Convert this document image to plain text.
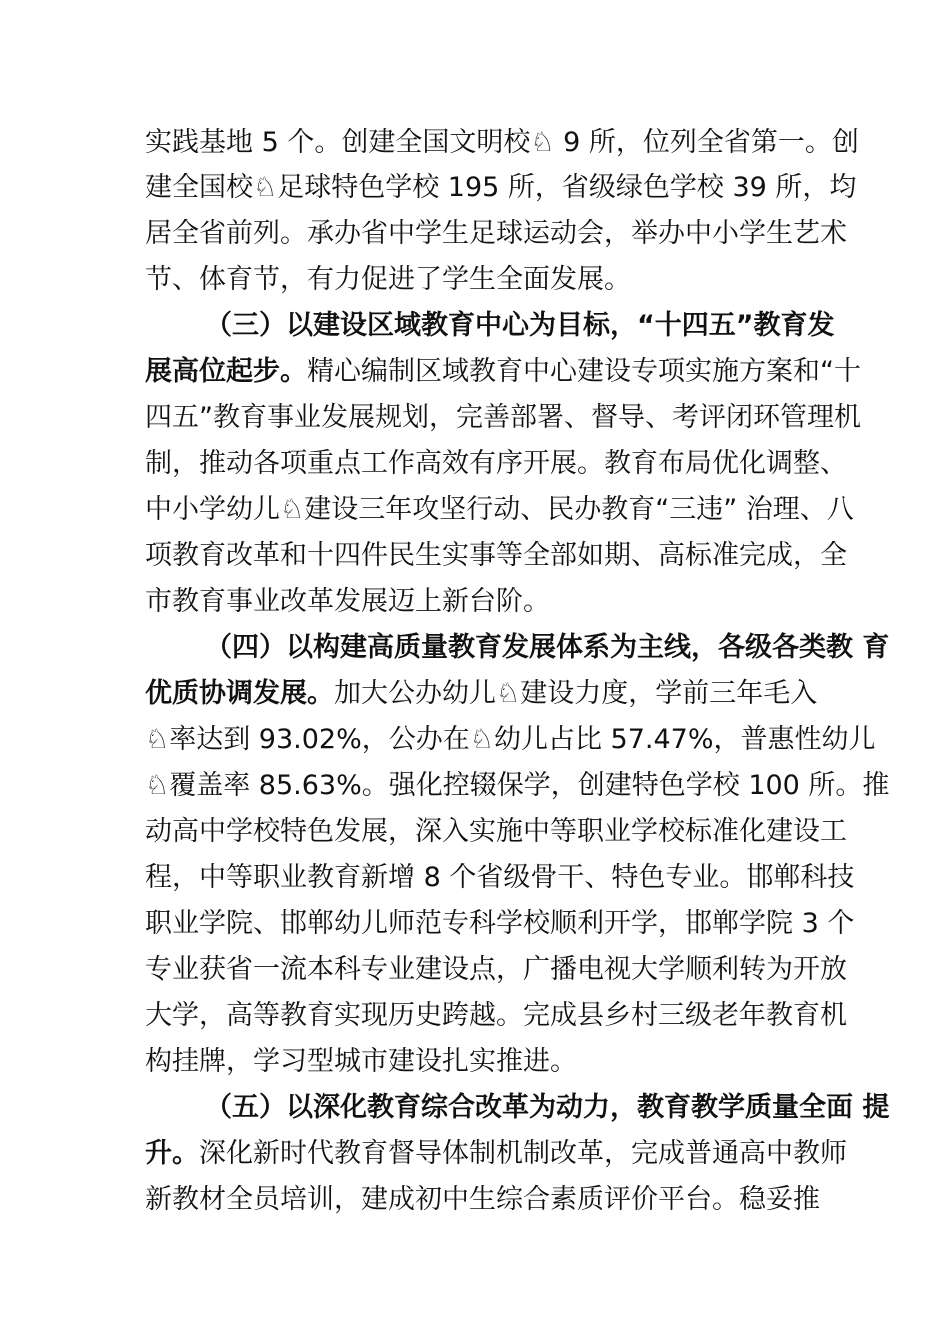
实践基地 5 个。创建全国文明校♘ 9 所，位列全省第一。创
建全国校♘足球特色学校 195 所，省级绿色学校 39 所，均
居全省前列。承办省中学生足球运动会，举办中小学生艺术
节、体育节，有力促进了学生全面发展。
（三）以建设区域教育中心为目标，“十四五”教育发
展高位起步。精心编制区域教育中心建设专项实施方案和“十
四五”教育事业发展规划，完善部署、督导、考评闭环管理机
制，推动各项重点工作高效有序开展。教育布局优化调整、
中小学幼儿♘建设三年攻坚行动、民办教育“三违” 治理、八
项教育改革和十四件民生实事等全部如期、高标准完成，全
市教育事业改革发展迈上新台阶。
（四）以构建高质量教育发展体系为主线，各级各类教 育
优质协调发展。加大公办幼儿♘建设力度，学前三年毛入
♘率达到 93.02%，公办在♘幼儿占比 57.47%，普惠性幼儿
♘覆盖率 85.63%。强化控辍保学，创建特色学校 100 所。推
动高中学校特色发展，深入实施中等职业学校标准化建设工
程，中等职业教育新增 8 个省级骨干、特色专业。邯郸科技
职业学院、邯郸幼儿师范专科学校顺利开学，邯郸学院 3 个
专业获省一流本科专业建设点，广播电视大学顺利转为开放
大学，高等教育实现历史跨越。完成县乡村三级老年教育机
构挂牌，学习型城市建设扎实推进。
（五）以深化教育综合改革为动力，教育教学质量全面 提
升。深化新时代教育督导体制机制改革，完成普通高中教师
新教材全员培训，建成初中生综合素质评价平台。稳妥推
